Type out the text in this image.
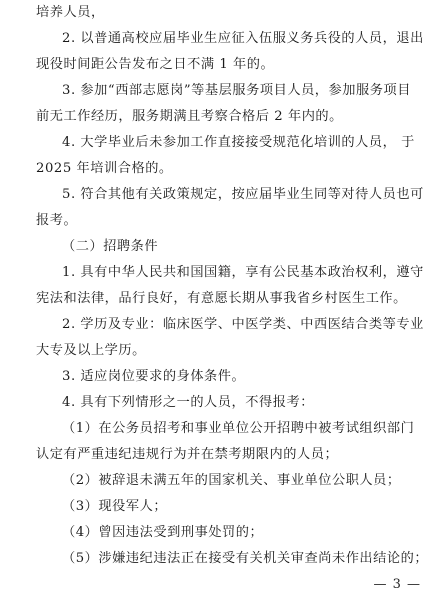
培养人员，
2. 以普通高校应届毕业生应征入伍服义务兵役的人员，退出
现役时间距公告发布之日不满 1 年的。
3. 参加“西部志愿岗”等基层服务项目人员，参加服务项目
前无工作经历，服务期满且考察合格后 2 年内的。
4. 大学毕业后未参加工作直接接受规范化培训的人员， 于
2025 年培训合格的。
5. 符合其他有关政策规定，按应届毕业生同等对待人员也可
报考。
（二）招聘条件
1. 具有中华人民共和国国籍，享有公民基本政治权利，遵守
宪法和法律，品行良好，有意愿长期从事我省乡村医生工作。
2. 学历及专业：临床医学、中医学类、中西医结合类等专业
大专及以上学历。
3. 适应岗位要求的身体条件。
4. 具有下列情形之一的人员，不得报考：
（1）在公务员招考和事业单位公开招聘中被考试组织部门
认定有严重违纪违规行为并在禁考期限内的人员；
（2）被辞退未满五年的国家机关、事业单位公职人员；
（3）现役军人；
（4）曾因违法受到刑事处罚的；
（5）涉嫌违纪违法正在接受有关机关审查尚未作出结论的；
— 3 —
